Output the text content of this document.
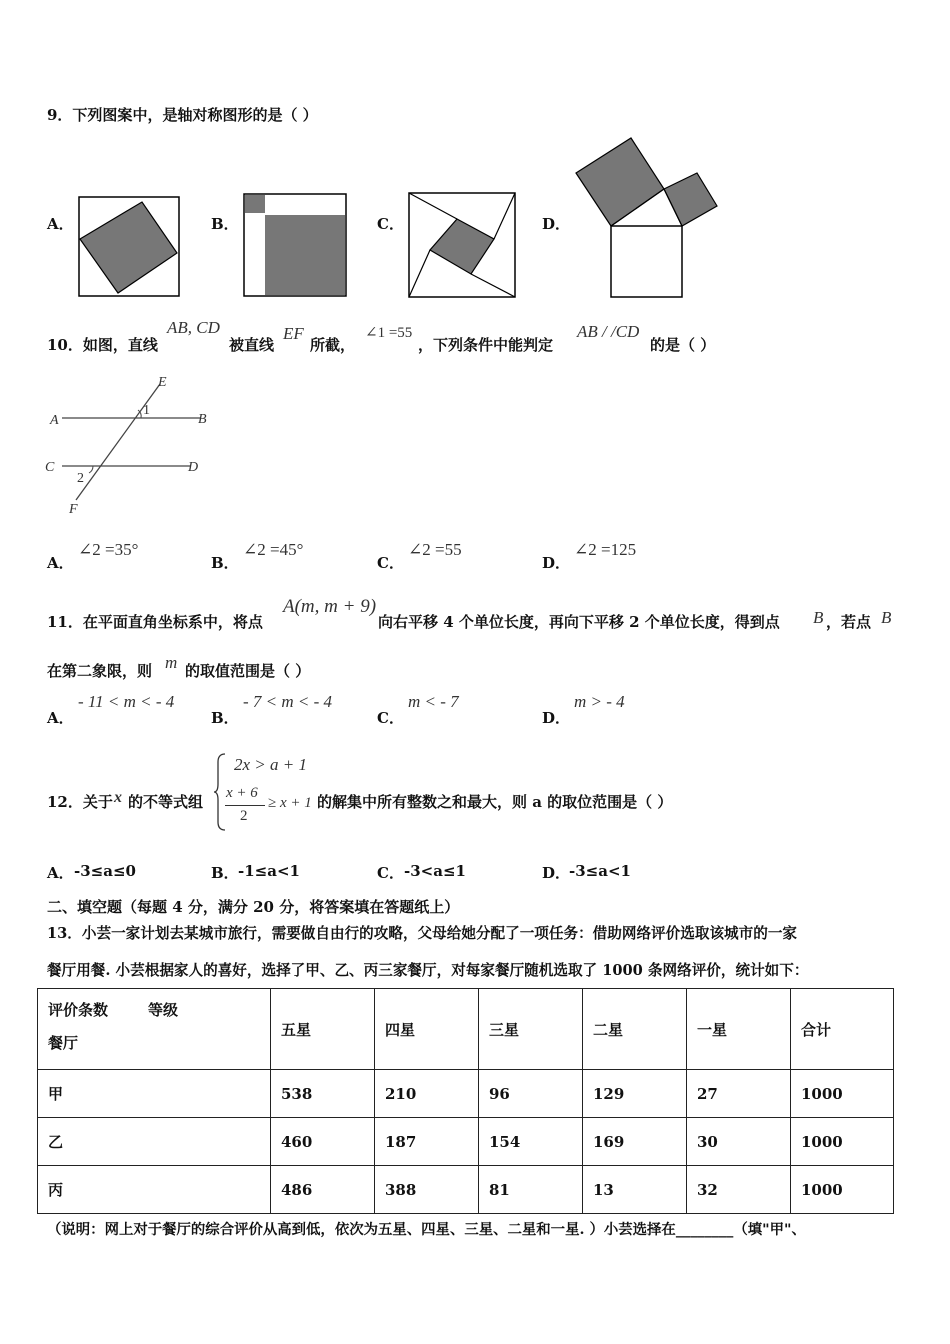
9．下列图案中，是轴对称图形的是（ ）
A．	B．	C．	D．
10．如图，直线
AB, CD
被直线
EF
所截，
∠1 =55
，下列条件中能判定
AB / /CD
的是（ ）
A	B
C	D
E
F
1
2
A．
∠2 =35°
B．
∠2 =45°
C．
∠2 =55
D．
∠2 =125
11．在平面直角坐标系中，将点
A(m, m + 9)
向右平移 4 个单位长度，再向下平移 2 个单位长度，得到点 B ，若点 B
在第二象限，则 m 的取值范围是（ ）
A．
- 11 < m < - 4
B．
- 7 < m < - 4
C．
m < - 7
D．
m > - 4
12．关于 x 的不等式组
2x > a + 1
x + 6
2
≥ x + 1 的解集中所有整数之和最大，则 a 的取位范围是（ ）
A． -3≤a≤0	B． -1≤a<1	C． -3<a≤1	D．
-3≤a<1
二、填空题（每题 4 分，满分 20 分，将答案填在答题纸上）
13．小芸一家计划去某城市旅行，需要做自由行的攻略，父母给她分配了一项任务：借助网络评价选取该城市的一家
餐厅用餐. 小芸根据家人的喜好，选择了甲、乙、丙三家餐厅，对每家餐厅随机选取了 1000 条网络评价，统计如下：
评价条数 等级
餐厅	五星	四星	三星	二星	一星	合计
甲	538	210	96	129	27	1000
乙	460	187	154	169	30	1000
丙	486	388	81	13	32	1000
（说明：网上对于餐厅的综合评价从高到低，依次为五星、四星、三星、二星和一星. ）小芸选择在________（填"甲"、
